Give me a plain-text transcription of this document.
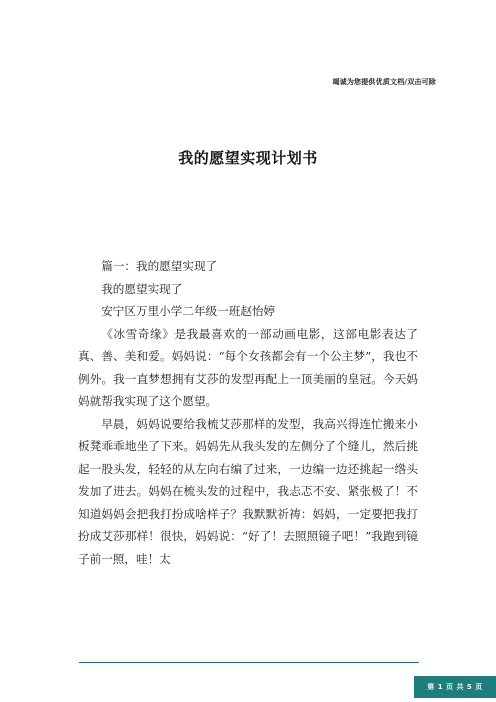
竭诚为您提供优质文档/双击可除
我的愿望实现计划书

篇一：我的愿望实现了

我的愿望实现了

安宁区万里小学二年级一班赵怡婷

《冰雪奇缘》是我最喜欢的一部动画电影，这部电影表达了真、善、美和爱。妈妈说：“每个女孩都会有一个公主梦”，我也不例外。我一直梦想拥有艾莎的发型再配上一顶美丽的皇冠。今天妈妈就帮我实现了这个愿望。

早晨，妈妈说要给我梳艾莎那样的发型，我高兴得连忙搬来小板凳乖乖地坐了下来。妈妈先从我头发的左侧分了个缝儿，然后挑起一股头发，轻轻的从左向右编了过来，一边编一边还挑起一绺头发加了进去。妈妈在梳头发的过程中，我忐忑不安、紧张极了！不知道妈妈会把我打扮成啥样子？我默默祈祷：妈妈，一定要把我打扮成艾莎那样！很快，妈妈说：“好了！去照照镜子吧！”我跑到镜子前一照，哇！太

第 1 页 共 5 页
